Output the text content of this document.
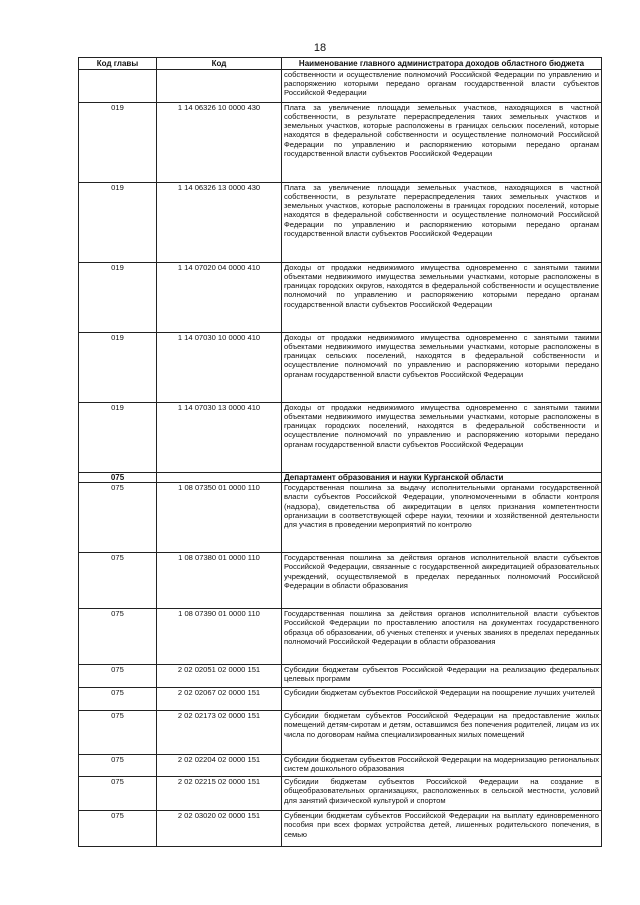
18
Код главы	Код	Наименование главного администратора доходов областного бюджета
		собственности и осуществление полномочий Российской Федерации по управлению и распоряжению которыми передано органам государственной власти субъектов Российской Федерации
019	1 14 06326 10 0000 430	Плата за увеличение площади земельных участков, находящихся в частной собственности, в результате перераспределения таких земельных участков и земельных участков, которые расположены в границах сельских поселений, которые находятся в федеральной собственности и осуществление полномочий Российской Федерации по управлению и распоряжению которыми передано органам государственной власти субъектов Российской Федерации
019	1 14 06326 13 0000 430	Плата за увеличение площади земельных участков, находящихся в частной собственности, в результате перераспределения таких земельных участков и земельных участков, которые расположены в границах городских поселений, которые находятся в федеральной собственности и осуществление полномочий Российской Федерации по управлению и распоряжению которыми передано органам государственной власти субъектов Российской Федерации
019	1 14 07020 04 0000 410	Доходы от продажи недвижимого имущества одновременно с занятыми такими объектами недвижимого имущества земельными участками, которые расположены в границах городских округов, находятся в федеральной собственности и осуществление полномочий по управлению и распоряжению которыми передано органам государственной власти субъектов Российской Федерации
019	1 14 07030 10 0000 410	Доходы от продажи недвижимого имущества одновременно с занятыми такими объектами недвижимого имущества земельными участками, которые расположены в границах сельских поселений, находятся в федеральной собственности и осуществление полномочий по управлению и распоряжению которыми передано органам государственной власти субъектов Российской Федерации
019	1 14 07030 13 0000 410	Доходы от продажи недвижимого имущества одновременно с занятыми такими объектами недвижимого имущества земельными участками, которые расположены в границах городских поселений, находятся в федеральной собственности и осуществление полномочий по управлению и распоряжению которыми передано органам государственной власти субъектов Российской Федерации
075		Департамент образования и науки Курганской области
075	1 08 07350 01 0000 110	Государственная пошлина за выдачу исполнительными органами государственной власти субъектов Российской Федерации, уполномоченными в области контроля (надзора), свидетельства об аккредитации в целях признания компетентности организации в соответствующей сфере науки, техники и хозяйственной деятельности для участия в проведении мероприятий по контролю
075	1 08 07380 01 0000 110	Государственная пошлина за действия органов исполнительной власти субъектов Российской Федерации, связанные с государственной аккредитацией образовательных учреждений, осуществляемой в пределах переданных полномочий Российской Федерации в области образования
075	1 08 07390 01 0000 110	Государственная пошлина за действия органов исполнительной власти субъектов Российской Федерации по проставлению апостиля на документах государственного образца об образовании, об ученых степенях и ученых званиях в пределах переданных полномочий Российской Федерации в области образования
075	2 02 02051 02 0000 151	Субсидии бюджетам субъектов Российской Федерации на реализацию федеральных целевых программ
075	2 02 02067 02 0000 151	Субсидии бюджетам субъектов Российской Федерации на поощрение лучших учителей
075	2 02 02173 02 0000 151	Субсидии бюджетам субъектов Российской Федерации на предоставление жилых помещений детям-сиротам и детям, оставшимся без попечения родителей, лицам из их числа по договорам найма специализированных жилых помещений
075	2 02 02204 02 0000 151	Субсидии бюджетам субъектов Российской Федерации на модернизацию региональных систем дошкольного образования
075	2 02 02215 02 0000 151	Субсидии бюджетам субъектов Российской Федерации на создание в общеобразовательных организациях, расположенных в сельской местности, условий для занятий физической культурой и спортом
075	2 02 03020 02 0000 151	Субвенции бюджетам субъектов Российской Федерации на выплату единовременного пособия при всех формах устройства детей, лишенных родительского попечения, в семью
